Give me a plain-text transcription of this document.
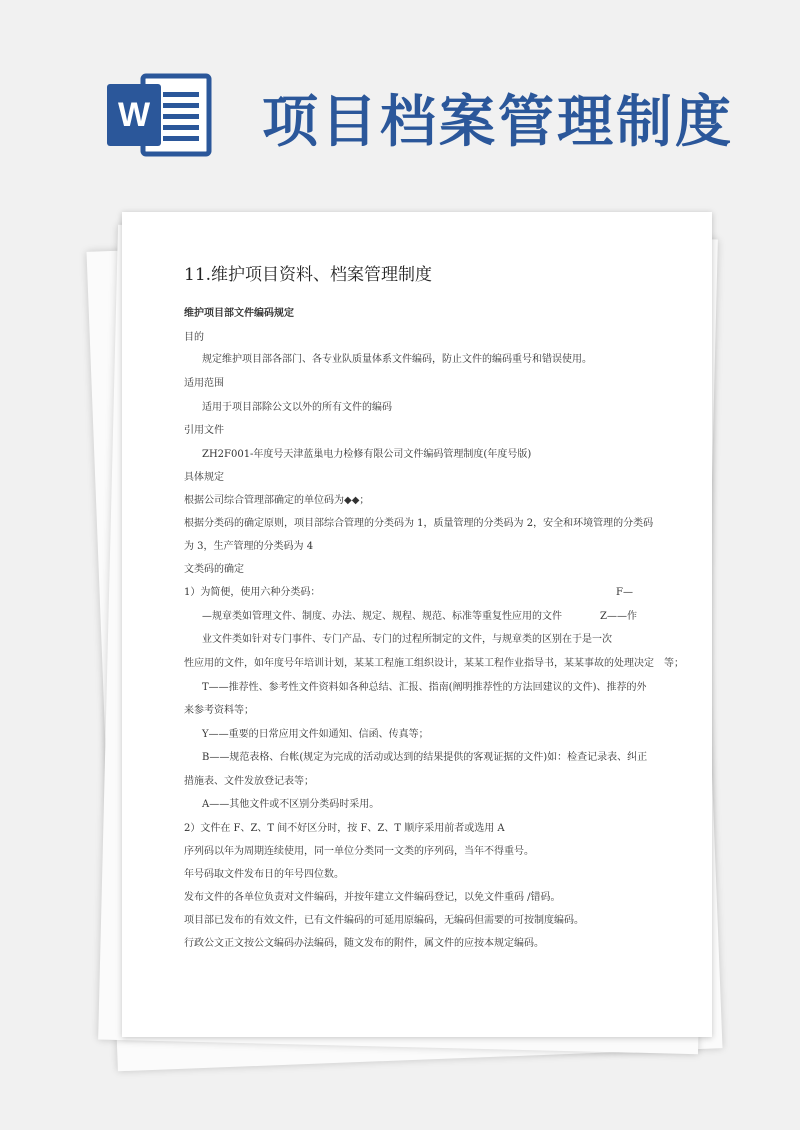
W 项目档案管理制度
11.维护项目资料、档案管理制度
维护项目部文件编码规定
目的
规定维护项目部各部门、各专业队质量体系文件编码，防止文件的编码重号和错误使用。
适用范围
适用于项目部除公文以外的所有文件的编码
引用文件
ZH2F001-年度号天津蓝巢电力检修有限公司文件编码管理制度(年度号版)
具体规定
根据公司综合管理部确定的单位码为◆◆；
根据分类码的确定原则，项目部综合管理的分类码为 1，质量管理的分类码为 2，安全和环境管理的分类码
为 3，生产管理的分类码为 4
文类码的确定
1）为简便，使用六种分类码：	F—
—规章类如管理文件、制度、办法、规定、规程、规范、标准等重复性应用的文件	Z——作
业文件类如针对专门事件、专门产品、专门的过程所制定的文件，与规章类的区别在于是一次
性应用的文件，如年度号年培训计划，某某工程施工组织设计，某某工程作业指导书，某某事故的处理决定　等；
T——推荐性、参考性文件资料如各种总结、汇报、指南(阐明推荐性的方法回建议的文件)、推荐的外
来参考资料等；
Y——重要的日常应用文件如通知、信函、传真等；
B——规范表格、台帐(规定为完成的活动或达到的结果提供的客观证据的文件)如：检查记录表、纠正
措施表、文件发放登记表等；
A——其他文件或不区别分类码时采用。
2）文件在 F、Z、T 间不好区分时，按 F、Z、T 顺序采用前者或选用 A
序列码以年为周期连续使用，同一单位分类同一文类的序列码，当年不得重号。
年号码取文件发布日的年号四位数。
发布文件的各单位负责对文件编码，并按年建立文件编码登记，以免文件重码 /错码。
项目部已发布的有效文件，已有文件编码的可延用原编码，无编码但需要的可按制度编码。
行政公文正文按公文编码办法编码，随文发布的附件，属文件的应按本规定编码。
